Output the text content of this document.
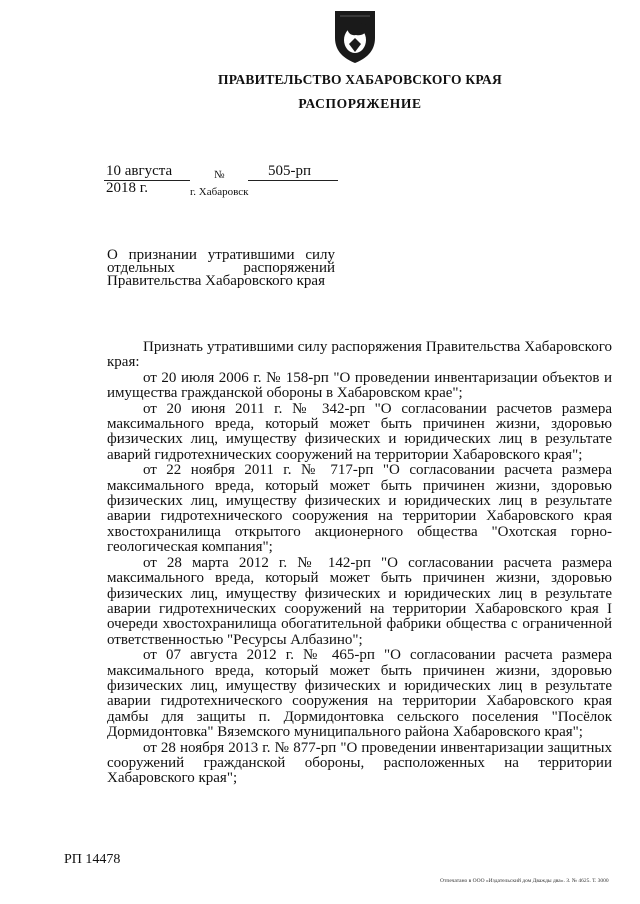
ПРАВИТЕЛЬСТВО ХАБАРОВСКОГО КРАЯ
РАСПОРЯЖЕНИЕ
10 августа 2018 г.
№	505-рп
г. Хабаровск
О признании утратившими силу отдельных распоряжений Правительства Хабаровского края

Признать утратившими силу распоряжения Правительства Хабаровского края:

от 20 июля 2006 г. № 158-рп "О проведении инвентаризации объектов и имущества гражданской обороны в Хабаровском крае";

от 20 июня 2011 г. № 342-рп "О согласовании расчетов размера максимального вреда, который может быть причинен жизни, здоровью физических лиц, имуществу физических и юридических лиц в результате аварий гидротехнических сооружений на территории Хабаровского края";

от 22 ноября 2011 г. № 717-рп "О согласовании расчета размера максимального вреда, который может быть причинен жизни, здоровью физических лиц, имуществу физических и юридических лиц в результате аварии гидротехнического сооружения на территории Хабаровского края хвостохранилища открытого акционерного общества "Охотская горно-геологическая компания";

от 28 марта 2012 г. № 142-рп "О согласовании расчета размера максимального вреда, который может быть причинен жизни, здоровью физических лиц, имуществу физических и юридических лиц в результате аварии гидротехнических сооружений на территории Хабаровского края I очереди хвостохранилища обогатительной фабрики общества с ограниченной ответственностью "Ресурсы Албазино";

от 07 августа 2012 г. № 465-рп "О согласовании расчета размера максимального вреда, который может быть причинен жизни, здоровью физических лиц, имуществу физических и юридических лиц в результате аварии гидротехнического сооружения на территории Хабаровского края дамбы для защиты п. Дормидонтовка сельского поселения "Посёлок Дормидонтовка" Вяземского муниципального района Хабаровского края";

от 28 ноября 2013 г. № 877-рп "О проведении инвентаризации защитных сооружений гражданской обороны, расположенных на территории Хабаровского края";

РП 14478
Отпечатано в ООО «Издательский дом Дважды два». З. № 4625. Т. 3000
